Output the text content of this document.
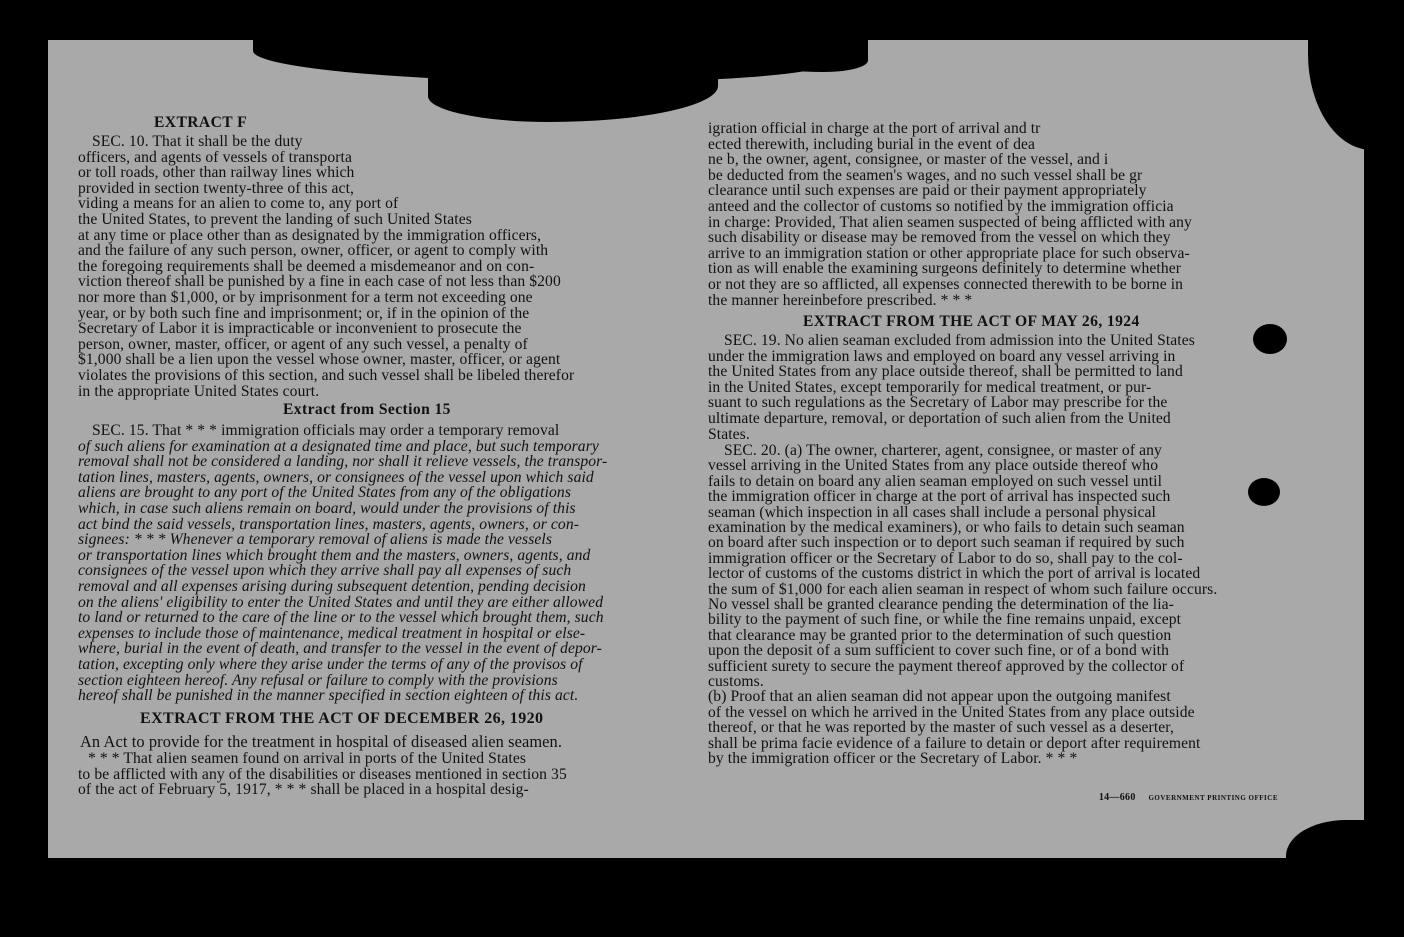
EXTRACT F
SEC. 10. That it shall be the duty
officers, and agents of vessels of transporta
or toll roads, other than railway lines which
provided in section twenty-three of this act,
viding a means for an alien to come to, any port of
the United States, to prevent the landing of such United States
at any time or place other than as designated by the immigration officers,
and the failure of any such person, owner, officer, or agent to comply with
the foregoing requirements shall be deemed a misdemeanor and on con-
viction thereof shall be punished by a fine in each case of not less than $200
nor more than $1,000, or by imprisonment for a term not exceeding one
year, or by both such fine and imprisonment; or, if in the opinion of the
Secretary of Labor it is impracticable or inconvenient to prosecute the
person, owner, master, officer, or agent of any such vessel, a penalty of
$1,000 shall be a lien upon the vessel whose owner, master, officer, or agent
violates the provisions of this section, and such vessel shall be libeled therefor
in the appropriate United States court.
Extract from Section 15
SEC. 15. That * * * immigration officials may order a temporary removal
of such aliens for examination at a designated time and place, but such temporary
removal shall not be considered a landing, nor shall it relieve vessels, the transpor-
tation lines, masters, agents, owners, or consignees of the vessel upon which said
aliens are brought to any port of the United States from any of the obligations
which, in case such aliens remain on board, would under the provisions of this
act bind the said vessels, transportation lines, masters, agents, owners, or con-
signees: * * * Whenever a temporary removal of aliens is made the vessels
or transportation lines which brought them and the masters, owners, agents, and
consignees of the vessel upon which they arrive shall pay all expenses of such
removal and all expenses arising during subsequent detention, pending decision
on the aliens' eligibility to enter the United States and until they are either allowed
to land or returned to the care of the line or to the vessel which brought them, such
expenses to include those of maintenance, medical treatment in hospital or else-
where, burial in the event of death, and transfer to the vessel in the event of depor-
tation, excepting only where they arise under the terms of any of the provisos of
section eighteen hereof. Any refusal or failure to comply with the provisions
hereof shall be punished in the manner specified in section eighteen of this act.
EXTRACT FROM THE ACT OF DECEMBER 26, 1920
An Act to provide for the treatment in hospital of diseased alien seamen.
* * * That alien seamen found on arrival in ports of the United States
to be afflicted with any of the disabilities or diseases mentioned in section 35
of the act of February 5, 1917, * * * shall be placed in a hospital desig-
igration official in charge at the port of arrival and tr
ected therewith, including burial in the event of dea
ne b, the owner, agent, consignee, or master of the vessel, and i
be deducted from the seamen's wages, and no such vessel shall be gr
clearance until such expenses are paid or their payment appropriately
anteed and the collector of customs so notified by the immigration officia
in charge: Provided, That alien seamen suspected of being afflicted with any
such disability or disease may be removed from the vessel on which they
arrive to an immigration station or other appropriate place for such observa-
tion as will enable the examining surgeons definitely to determine whether
or not they are so afflicted, all expenses connected therewith to be borne in
the manner hereinbefore prescribed. * * *
EXTRACT FROM THE ACT OF MAY 26, 1924
SEC. 19. No alien seaman excluded from admission into the United States
under the immigration laws and employed on board any vessel arriving in
the United States from any place outside thereof, shall be permitted to land
in the United States, except temporarily for medical treatment, or pur-
suant to such regulations as the Secretary of Labor may prescribe for the
ultimate departure, removal, or deportation of such alien from the United
States.
SEC. 20. (a) The owner, charterer, agent, consignee, or master of any
vessel arriving in the United States from any place outside thereof who
fails to detain on board any alien seaman employed on such vessel until
the immigration officer in charge at the port of arrival has inspected such
seaman (which inspection in all cases shall include a personal physical
examination by the medical examiners), or who fails to detain such seaman
on board after such inspection or to deport such seaman if required by such
immigration officer or the Secretary of Labor to do so, shall pay to the col-
lector of customs of the customs district in which the port of arrival is located
the sum of $1,000 for each alien seaman in respect of whom such failure occurs.
No vessel shall be granted clearance pending the determination of the lia-
bility to the payment of such fine, or while the fine remains unpaid, except
that clearance may be granted prior to the determination of such question
upon the deposit of a sum sufficient to cover such fine, or of a bond with
sufficient surety to secure the payment thereof approved by the collector of
customs.
(b) Proof that an alien seaman did not appear upon the outgoing manifest
of the vessel on which he arrived in the United States from any place outside
thereof, or that he was reported by the master of such vessel as a deserter,
shall be prima facie evidence of a failure to detain or deport after requirement
by the immigration officer or the Secretary of Labor. * * *
14—660 GOVERNMENT PRINTING OFFICE
